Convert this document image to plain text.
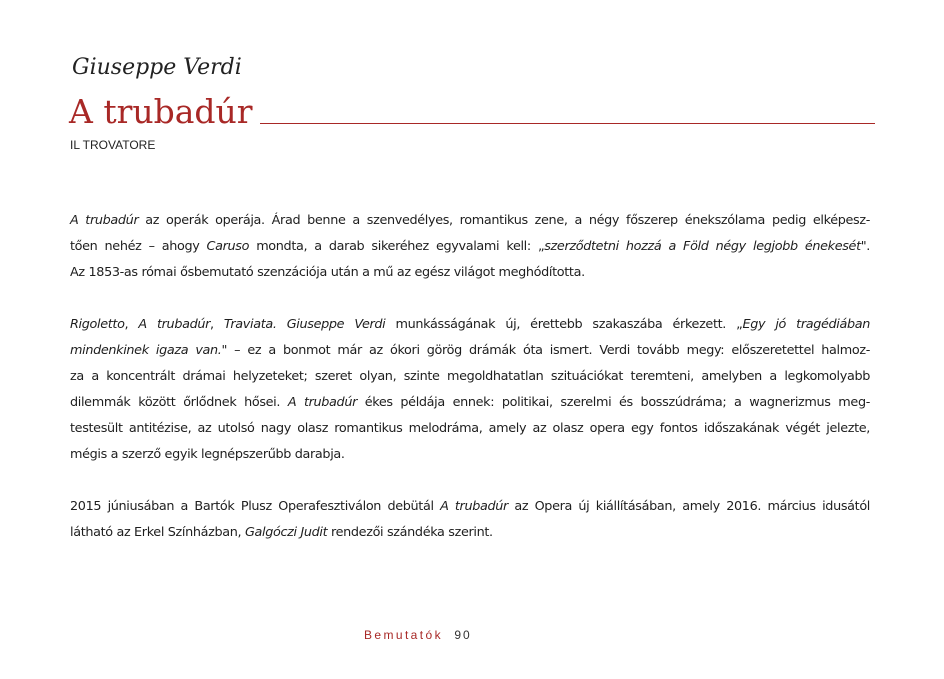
Giuseppe Verdi
A trubadúr
IL TROVATORE
A trubadúr az operák operája. Árad benne a szenvedélyes, romantikus zene, a négy főszerep énekszólama pedig elképesz-
tően nehéz – ahogy Caruso mondta, a darab sikeréhez egyvalami kell: „szerződtetni hozzá a Föld négy legjobb énekesét".
Az 1853-as római ősbemutató szenzációja után a mű az egész világot meghódította.
Rigoletto, A trubadúr, Traviata. Giuseppe Verdi munkásságának új, érettebb szakaszába érkezett. „Egy jó tragédiában
mindenkinek igaza van." – ez a bonmot már az ókori görög drámák óta ismert. Verdi tovább megy: előszeretettel halmoz-
za a koncentrált drámai helyzeteket; szeret olyan, szinte megoldhatatlan szituációkat teremteni, amelyben a legkomolyabb
dilemmák között őrlődnek hősei. A trubadúr ékes példája ennek: politikai, szerelmi és bosszúdráma; a wagnerizmus meg-
testesült antitézise, az utolsó nagy olasz romantikus melodráma, amely az olasz opera egy fontos időszakának végét jelezte,
mégis a szerző egyik legnépszerűbb darabja.
2015 júniusában a Bartók Plusz Operafesztiválon debütál A trubadúr az Opera új kiállításában, amely 2016. március idusától
látható az Erkel Színházban, Galgóczi Judit rendezői szándéka szerint.
Bemutatók 90
